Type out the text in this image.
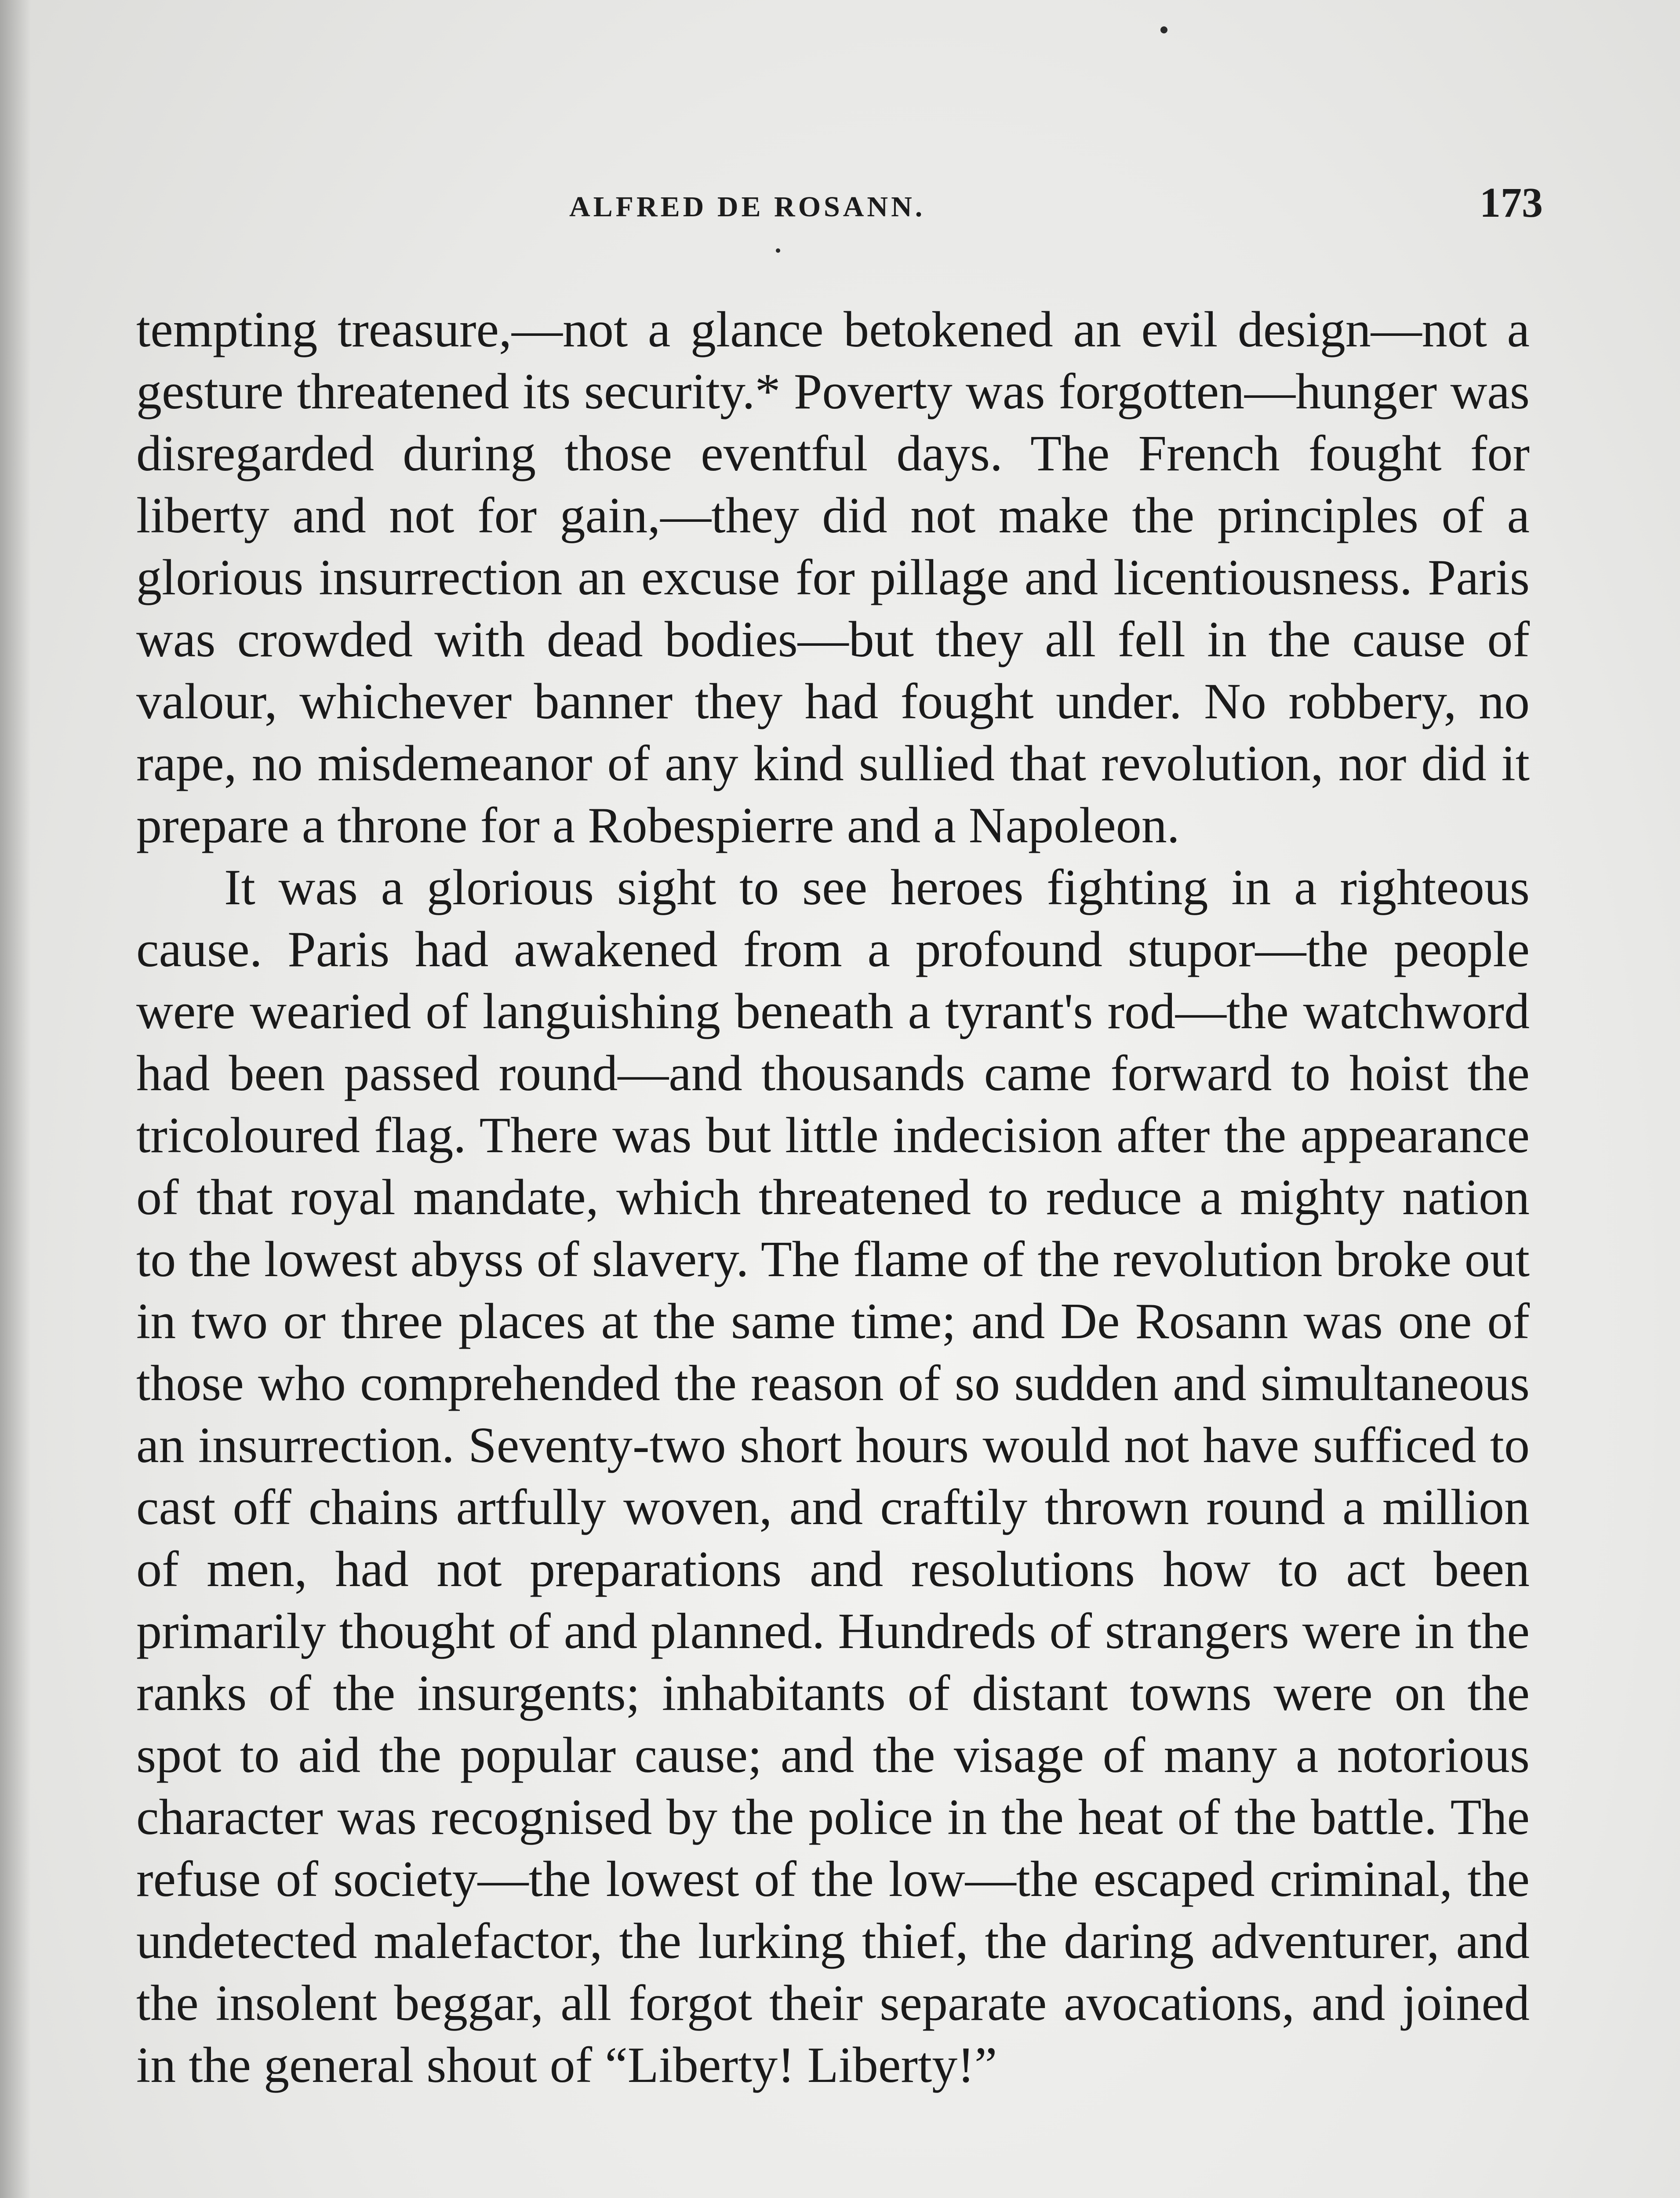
ALFRED DE ROSANN.	173

tempting treasure,—not a glance betokened an evil design—not a gesture threatened its security.* Poverty was forgotten—hunger was disregarded during those eventful days. The French fought for liberty and not for gain,—they did not make the principles of a glorious insurrection an excuse for pillage and licentiousness. Paris was crowded with dead bodies—but they all fell in the cause of valour, whichever banner they had fought under. No robbery, no rape, no misdemeanor of any kind sullied that revolution, nor did it prepare a throne for a Robespierre and a Napoleon.

It was a glorious sight to see heroes fighting in a righteous cause. Paris had awakened from a profound stupor—the people were wearied of languishing beneath a tyrant's rod—the watchword had been passed round—and thousands came forward to hoist the tricoloured flag. There was but little indecision after the appearance of that royal mandate, which threatened to reduce a mighty nation to the lowest abyss of slavery. The flame of the revolution broke out in two or three places at the same time; and De Rosann was one of those who comprehended the reason of so sudden and simultaneous an insurrection. Seventy-two short hours would not have sufficed to cast off chains artfully woven, and craftily thrown round a million of men, had not preparations and resolutions how to act been primarily thought of and planned. Hundreds of strangers were in the ranks of the insurgents; inhabitants of distant towns were on the spot to aid the popular cause; and the visage of many a notorious character was recognised by the police in the heat of the battle. The refuse of society—the lowest of the low—the escaped criminal, the undetected malefactor, the lurking thief, the daring adventurer, and the insolent beggar, all forgot their separate avocations, and joined in the general shout of “Liberty! Liberty!”
